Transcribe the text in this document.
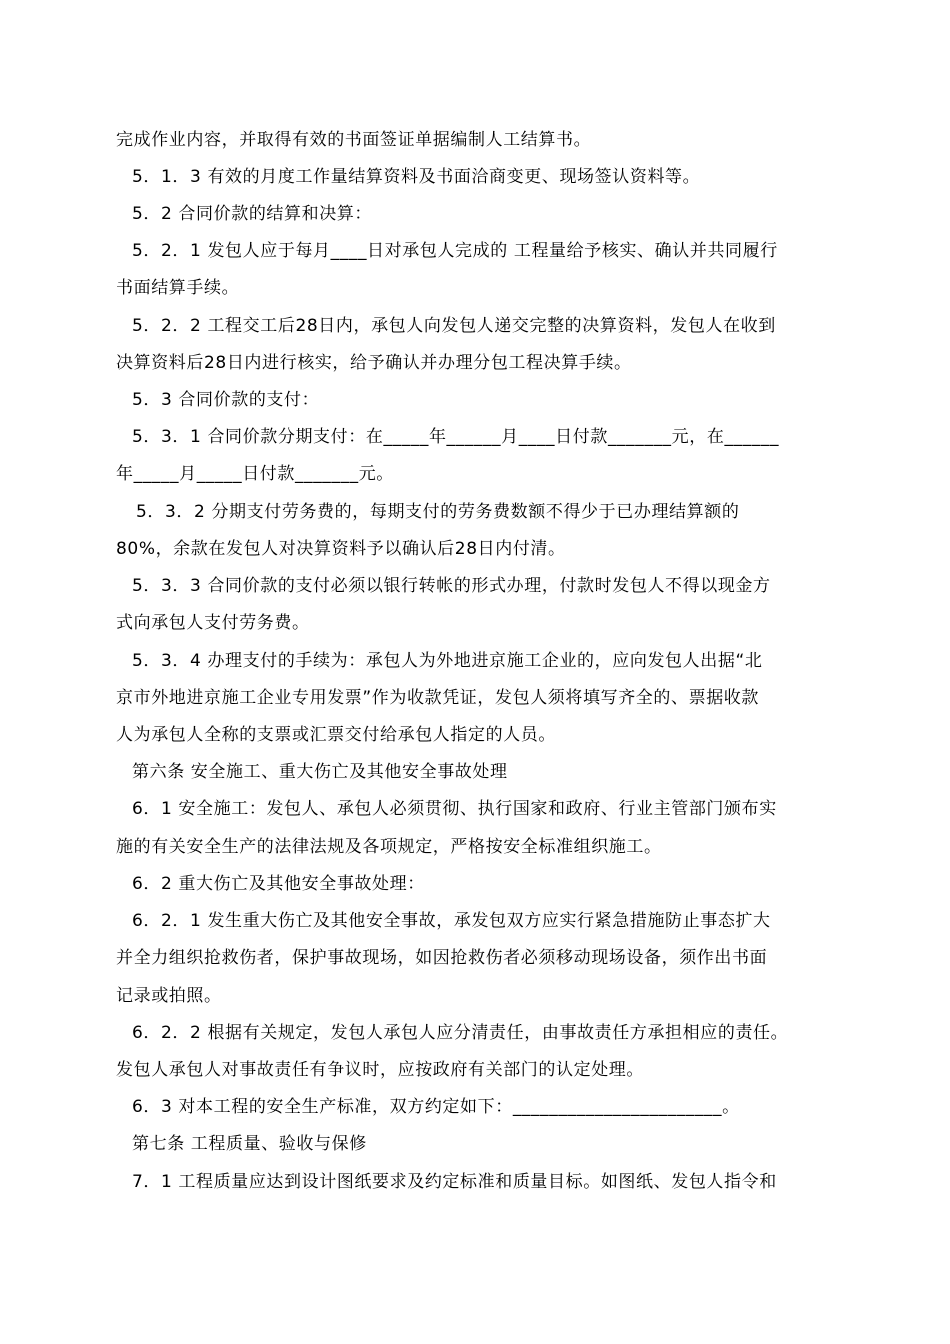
完成作业内容，并取得有效的书面签证单据编制人工结算书。
5．1．3 有效的月度工作量结算资料及书面洽商变更、现场签认资料等。
5．2 合同价款的结算和决算：
5．2．1 发包人应于每月____日对承包人完成的 工程量给予核实、确认并共同履行
书面结算手续。
5．2．2 工程交工后28日内，承包人向发包人递交完整的决算资料，发包人在收到
决算资料后28日内进行核实，给予确认并办理分包工程决算手续。
5．3 合同价款的支付：
5．3．1 合同价款分期支付：在_____年______月____日付款_______元，在______
年_____月_____日付款_______元。
5．3．2 分期支付劳务费的，每期支付的劳务费数额不得少于已办理结算额的
80%，余款在发包人对决算资料予以确认后28日内付清。
5．3．3 合同价款的支付必须以银行转帐的形式办理，付款时发包人不得以现金方
式向承包人支付劳务费。
5．3．4 办理支付的手续为：承包人为外地进京施工企业的，应向发包人出据“北
京市外地进京施工企业专用发票”作为收款凭证，发包人须将填写齐全的、票据收款
人为承包人全称的支票或汇票交付给承包人指定的人员。
第六条 安全施工、重大伤亡及其他安全事故处理
6．1 安全施工：发包人、承包人必须贯彻、执行国家和政府、行业主管部门颁布实
施的有关安全生产的法律法规及各项规定，严格按安全标准组织施工。
6．2 重大伤亡及其他安全事故处理：
6．2．1 发生重大伤亡及其他安全事故，承发包双方应实行紧急措施防止事态扩大
并全力组织抢救伤者，保护事故现场，如因抢救伤者必须移动现场设备，须作出书面
记录或拍照。
6．2．2 根据有关规定，发包人承包人应分清责任，由事故责任方承担相应的责任。
发包人承包人对事故责任有争议时，应按政府有关部门的认定处理。
6．3 对本工程的安全生产标准，双方约定如下：_______________________。
第七条 工程质量、验收与保修
7．1 工程质量应达到设计图纸要求及约定标准和质量目标。如图纸、发包人指令和
